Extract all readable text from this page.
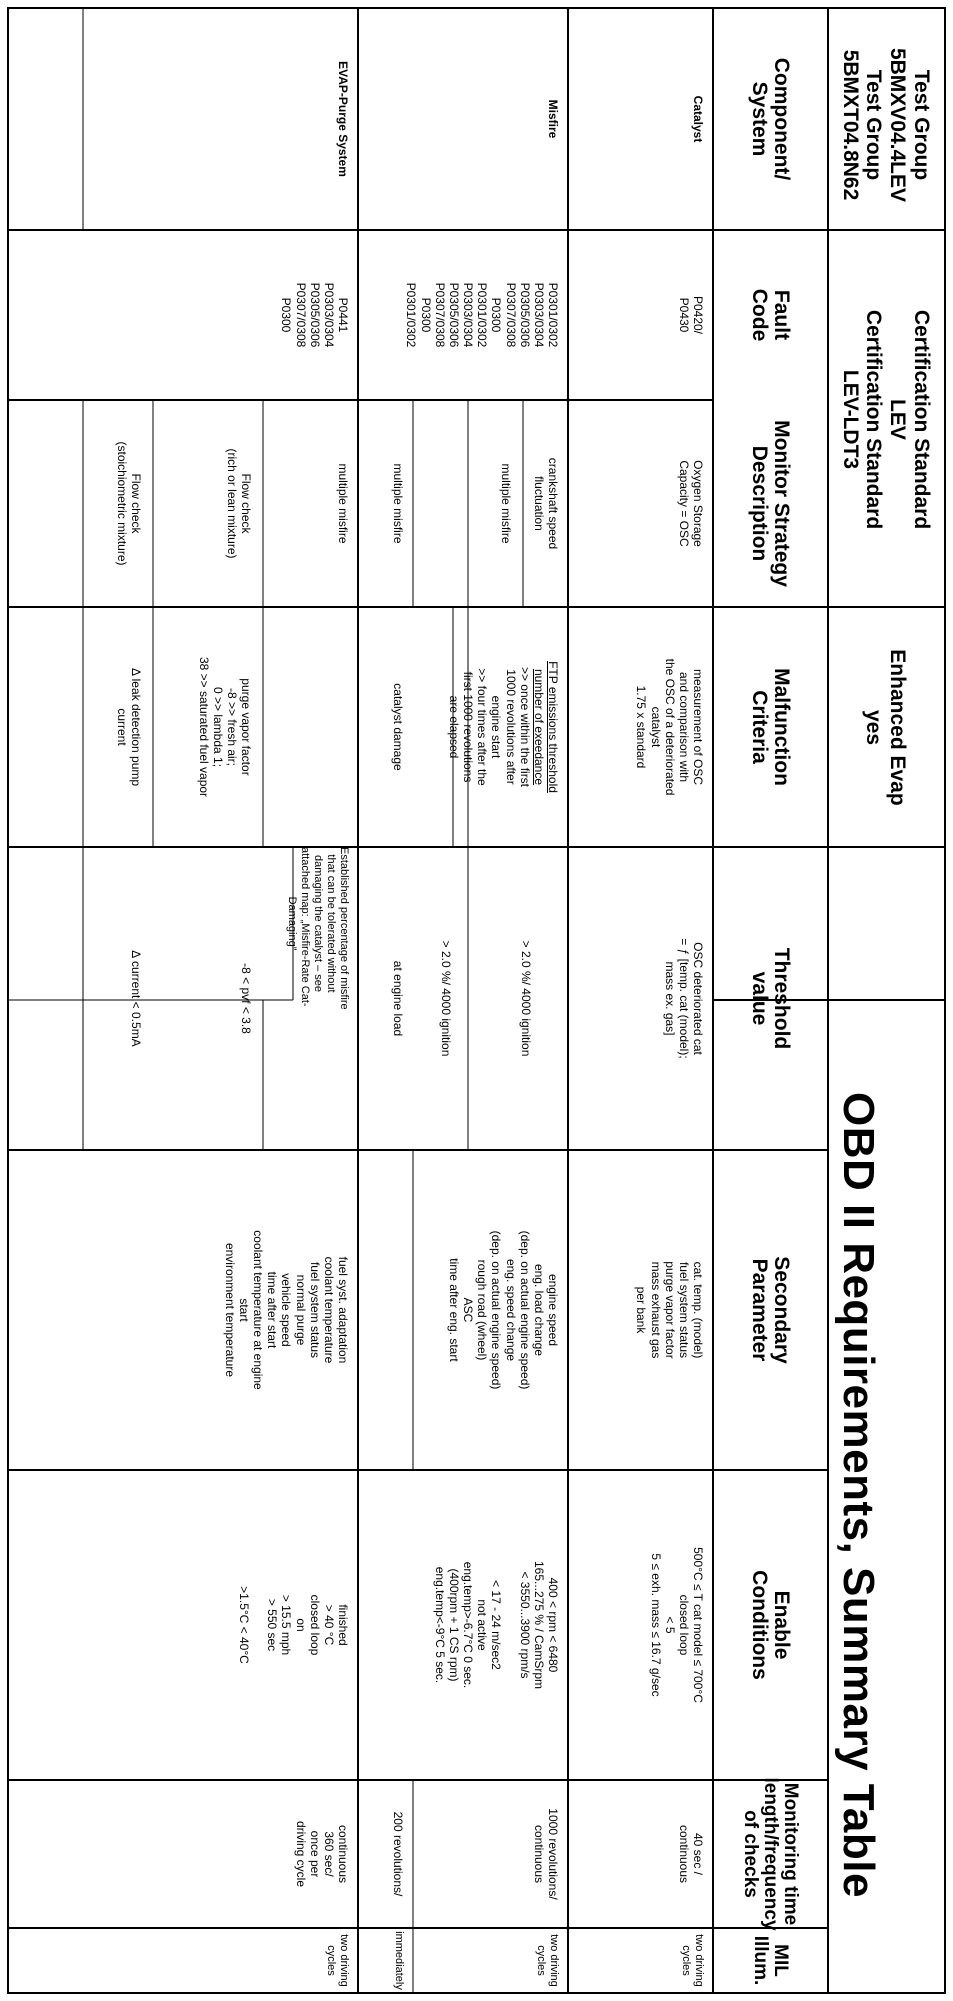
OBD II Requirements, Summary Table
Test Group
5BMXV04.4LEV
Test Group
5BMXT04.8N62
Certification Standard
LEV
Certification Standard
LEV-LDT3
Enhanced Evap
yes
Component/
System
Fault
Code
Monitor Strategy
Description
Malfunction
Criteria
Threshold
value
Secondary
Parameter
Enable
Conditions
Monitoring time
length/frequency
of checks
MIL
Illum.
Catalyst
P0420/
P0430
Oxygen Storage
Capacity = OSC
measurement of OSC
and comparison with
the OSC of a deteriorated
catalyst
1.75 x standard
OSC deteriorated cat
= ƒ [temp. cat (model);
mass ex. gas]
cat. temp. (model)
fuel system status
purge vapor factor
mass exhaust gas
per bank
500°C ≤ T cat model ≤ 700°C
closed loop
< 5
5 ≤ exh. mass ≤ 16.7 g/sec
40 sec /
continuous
two driving
cycles
Misfire
P0301/0302
P0303/0304
P0305/0306
P0307/0308
P0300
P0301/0302
P0303/0304
P0305/0306
P0307/0308
P0300
P0301/0302
crankshaft speed
fluctuation
multiple misfire
multiple misfire
FTP emissions threshold
number of exeedance
>> once within the first
1000 revolutions after
engine start
>> four times after the
first 1000 revolutions
are elapsed
catalyst damage
> 2.0 %/ 4000 ignition
> 2.0 %/ 4000 ignition
at engine load
engine speed
eng. load change
(dep. on actual engine speed)
eng. speed change
(dep. on actual engine speed)
rough road (wheel)
ASC
time after eng. start
400 < rpm < 6480
165...275 % / CamSrpm
< 3550...3900 rpm/s

< 17 - 24 m/sec2
not active
eng.temp>-6.7°C 0 sec.
(400rpm + 1 CS rpm)
eng.temp<-9°C 5 sec.
1000 revolutions/
continuous
200 revolutions/
two driving
cycles
immediately
EVAP-Purge System
P0441
P0303/0304
P0305/0306
P0307/0308
P0300
multiple misfire
Flow check
(rich or lean mixture)
Flow check
(stoichiometric mixture)
purge vapor factor
-8 >> fresh air;
0 >> lambda 1;
38 >> saturated fuel vapor
Δ leak detection pump
current
Established percentage of misfire
that can be tolerated without
damaging the catalyst – see
attached map: „Misfire-Rate Cat-
Damaging”
-8 < pvf < 3.8
Δ current < 0.5mA
fuel syst. adaptation
coolant temperature
fuel system status
normal purge
vehicle speed
time after start
coolant temperature at engine
start
environment temperature
finished
> 40 °C
closed loop
on
> 15.5 mph
> 550 sec

>1.5°C < 40°C
continuous
360 sec/
once per
driving cycle
two driving
cycles
